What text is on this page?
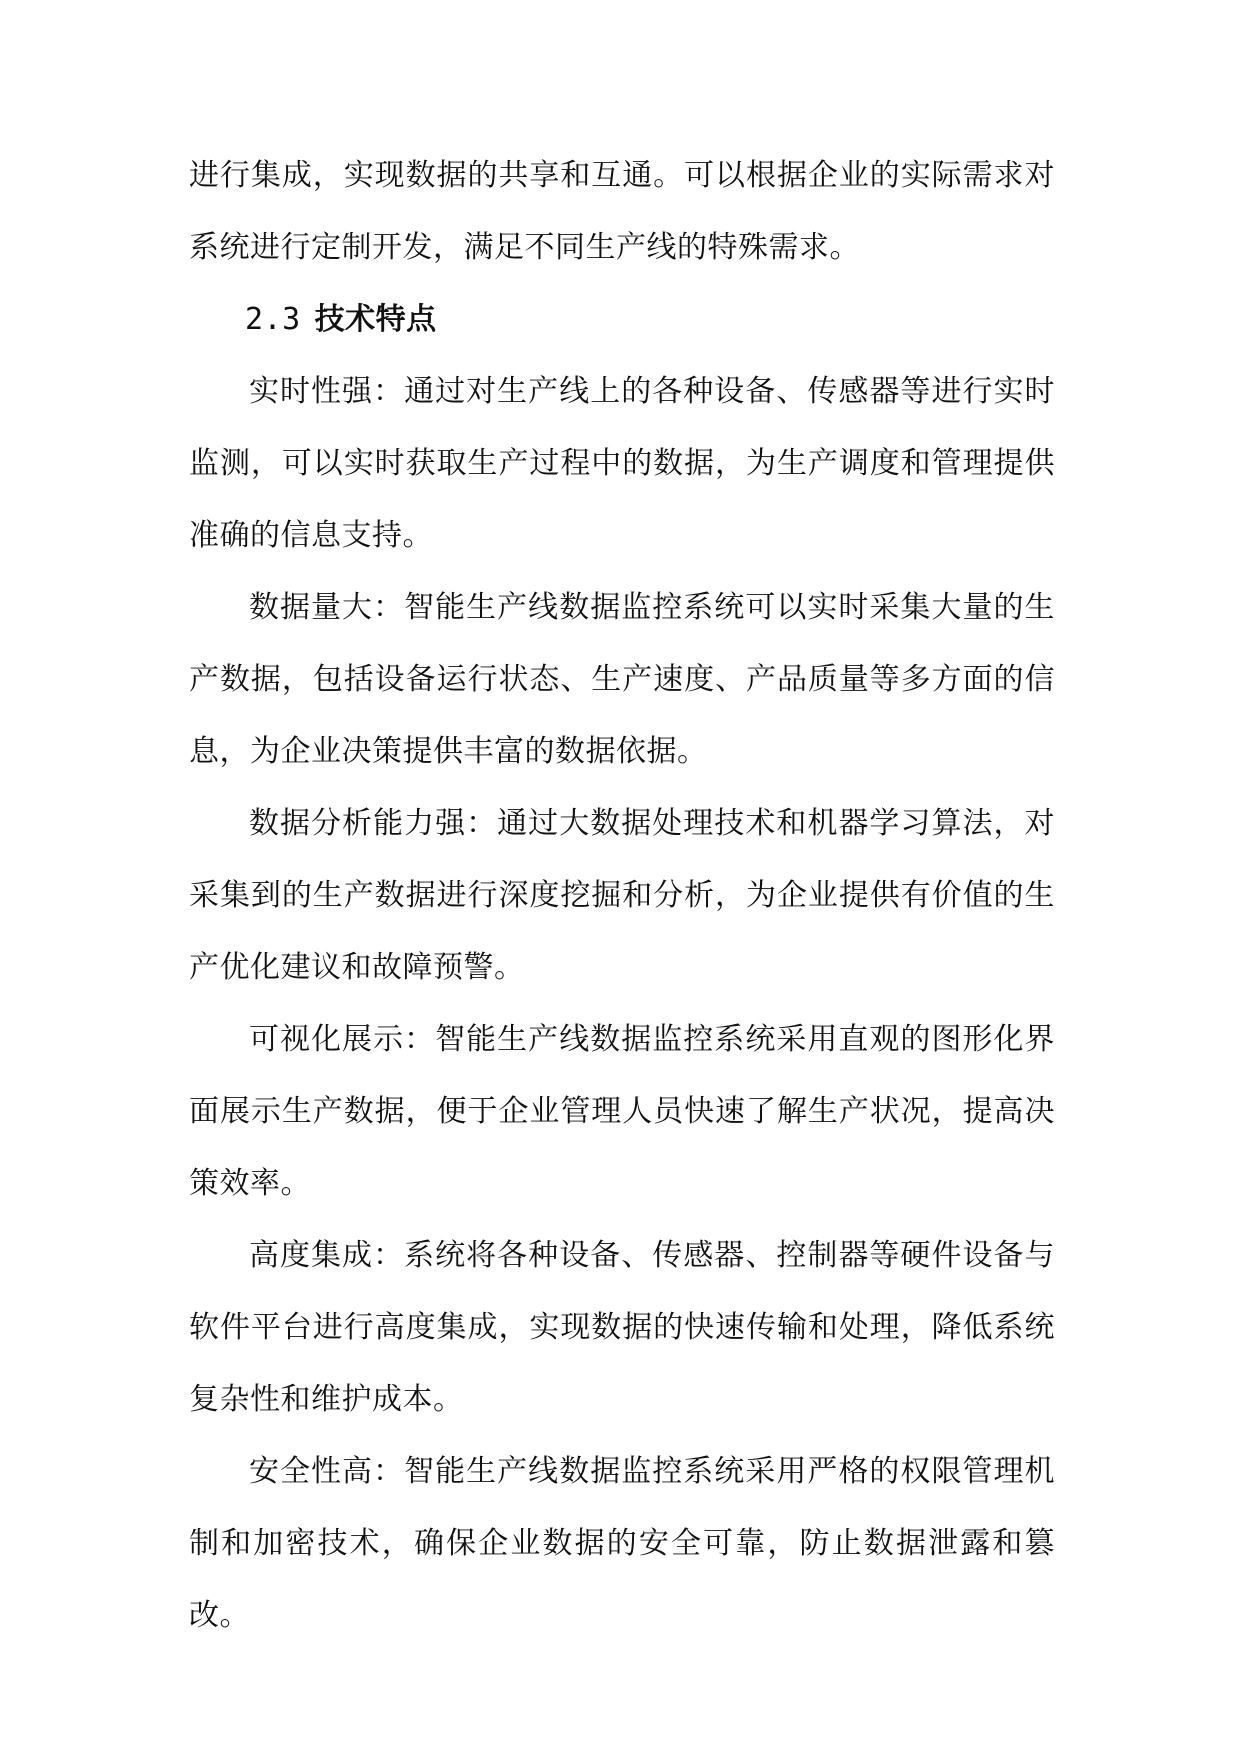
进行集成，实现数据的共享和互通。可以根据企业的实际需求对系统进行定制开发，满足不同生产线的特殊需求。

2.3 技术特点

实时性强：通过对生产线上的各种设备、传感器等进行实时监测，可以实时获取生产过程中的数据，为生产调度和管理提供准确的信息支持。

数据量大：智能生产线数据监控系统可以实时采集大量的生产数据，包括设备运行状态、生产速度、产品质量等多方面的信息，为企业决策提供丰富的数据依据。

数据分析能力强：通过大数据处理技术和机器学习算法，对采集到的生产数据进行深度挖掘和分析，为企业提供有价值的生产优化建议和故障预警。

可视化展示：智能生产线数据监控系统采用直观的图形化界面展示生产数据，便于企业管理人员快速了解生产状况，提高决策效率。

高度集成：系统将各种设备、传感器、控制器等硬件设备与软件平台进行高度集成，实现数据的快速传输和处理，降低系统复杂性和维护成本。

安全性高：智能生产线数据监控系统采用严格的权限管理机制和加密技术，确保企业数据的安全可靠，防止数据泄露和篡改。
